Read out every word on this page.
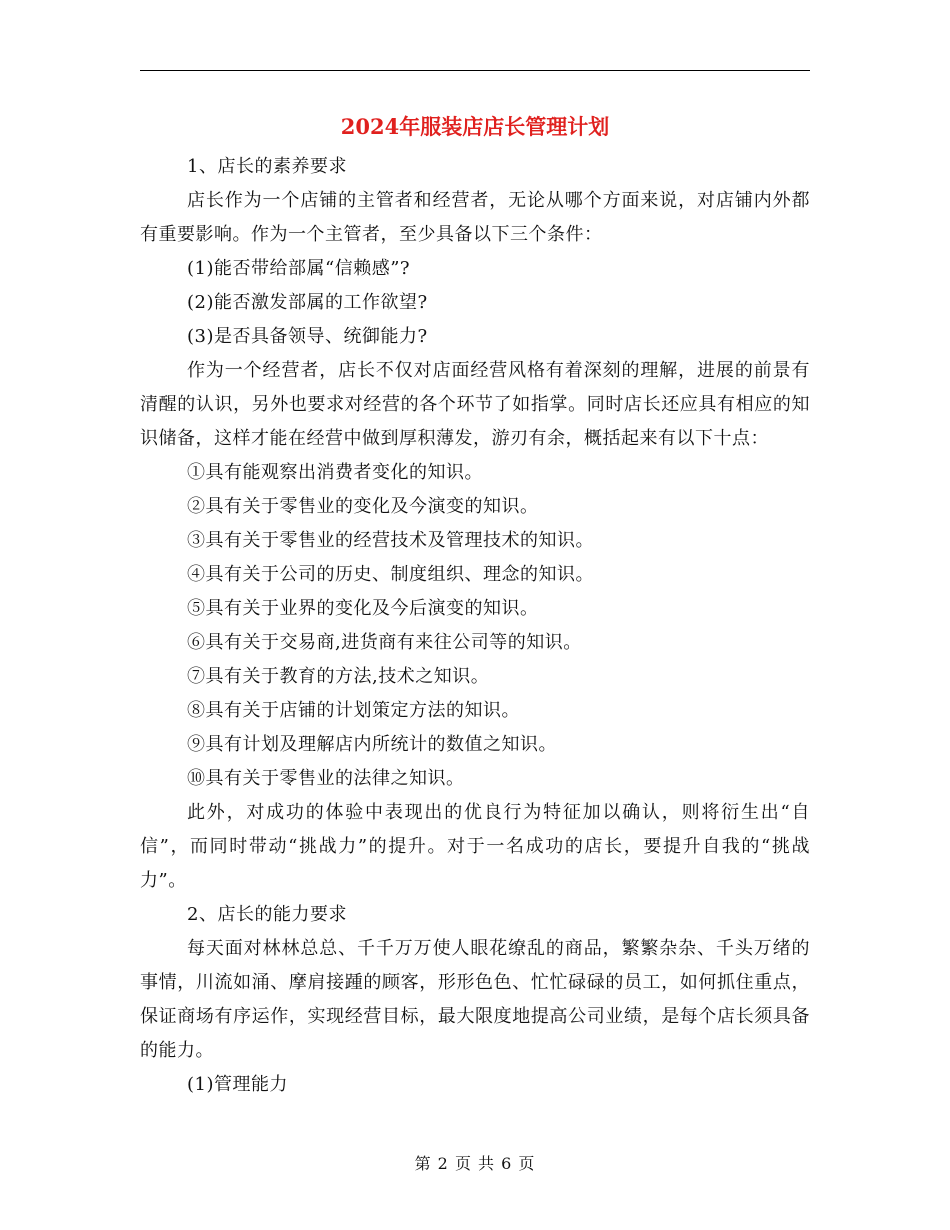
2024年服装店店长管理计划

1、店长的素养要求

店长作为一个店铺的主管者和经营者，无论从哪个方面来说，对店铺内外都有重要影响。作为一个主管者，至少具备以下三个条件：

(1)能否带给部属“信赖感”?

(2)能否激发部属的工作欲望?

(3)是否具备领导、统御能力?

作为一个经营者，店长不仅对店面经营风格有着深刻的理解，进展的前景有清醒的认识，另外也要求对经营的各个环节了如指掌。同时店长还应具有相应的知识储备，这样才能在经营中做到厚积薄发，游刃有余，概括起来有以下十点：

①具有能观察出消费者变化的知识。

②具有关于零售业的变化及今演变的知识。

③具有关于零售业的经营技术及管理技术的知识。

④具有关于公司的历史、制度组织、理念的知识。

⑤具有关于业界的变化及今后演变的知识。

⑥具有关于交易商,进货商有来往公司等的知识。

⑦具有关于教育的方法,技术之知识。

⑧具有关于店铺的计划策定方法的知识。

⑨具有计划及理解店内所统计的数值之知识。

⑩具有关于零售业的法律之知识。

此外，对成功的体验中表现出的优良行为特征加以确认，则将衍生出“自信”，而同时带动“挑战力”的提升。对于一名成功的店长，要提升自我的“挑战力”。

2、店长的能力要求

每天面对林林总总、千千万万使人眼花缭乱的商品，繁繁杂杂、千头万绪的事情，川流如涌、摩肩接踵的顾客，形形色色、忙忙碌碌的员工，如何抓住重点，保证商场有序运作，实现经营目标，最大限度地提高公司业绩，是每个店长须具备的能力。

(1)管理能力

第 2 页 共 6 页
